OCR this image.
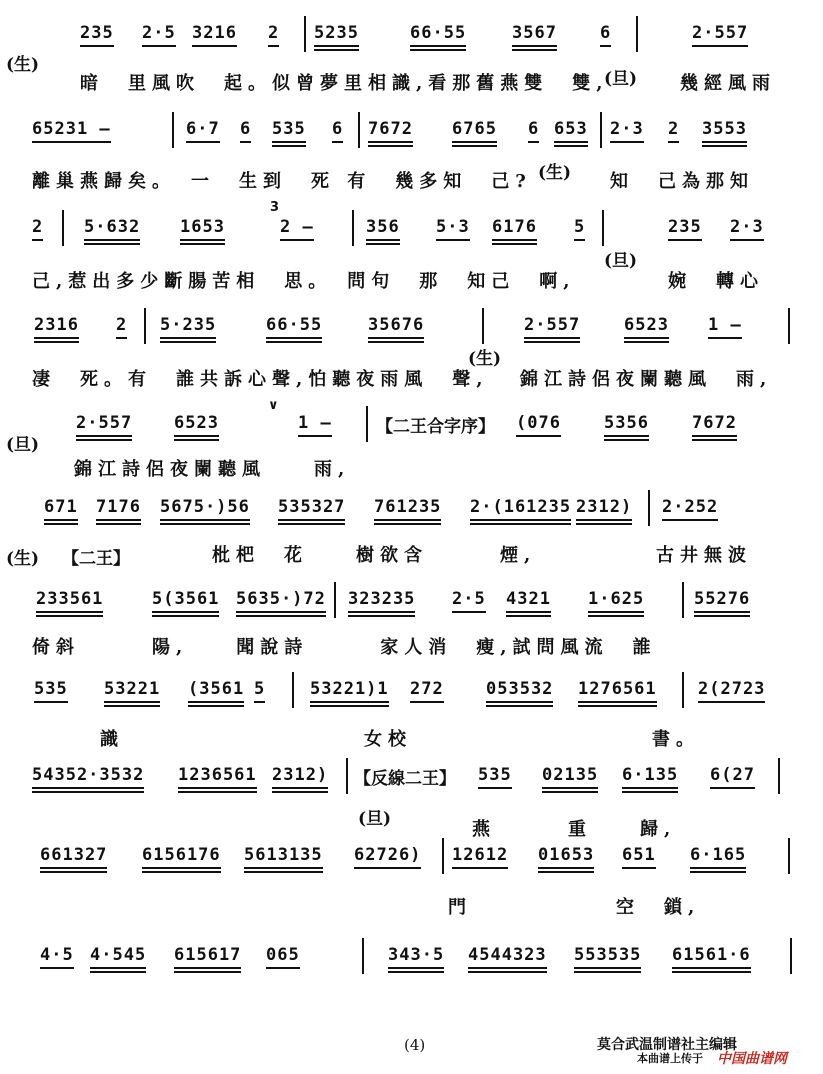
235 2·5 3216 2 5235	66·55	3567	6	2·557
(生)
暗　里風吹　起。似曾夢里相識,看那舊燕雙　雙,
(旦) 幾經風雨
65231 —	6·7 6 535 6 7672 6765 6 653 2·3 2 3553
離巢燕歸矣。　一　生到　死 有　幾多知　己? (生) 知　己為那知
2 5·632 1653
3
2 —	356 5·3 6176 5	235 2·3
己,惹出多少斷腸苦相　思。　問句　那　知己　啊,
(旦)
婉　轉心
2316 2 5·235	66·55	35676	2·557	6523 1 —
凄　死。有　誰共訴心聲,怕聽夜雨風　聲,
(生)
錦江詩侶夜闌聽風　雨,
2·557 6523
∨
1 —	【二王合字序】 (076	5356	7672
(旦)
錦江詩侶夜闌聽風　　雨,
671 7176 5675·)56 535327 761235 2·(161235 2312) 2·252
(生) 【二王】	枇杷　花　　樹欲含　　　煙,	古井無波
233561	5(3561 5635·)72 323235 2·5 4321 1·625	55276
倚斜　　　陽,　　聞說詩　　　家人消　瘦,試問風流　誰
535 53221 (3561 5	53221)1 272 053532 1276561 2(2723
識　　　　　　　　　　女校　　　　　　　　　　書。
54352·3532 1236561 2312) 【反線二王】 535 02135 6·135 6(27
(旦)	燕　　　重　　歸,
661327 6156176 5613135 62726) 12612 01653 651 6·165
門　　　　　　空　鎖,
4·5 4·545 615617 065	343·5 4544323 553535 61561·6
(4)	莫合武温制谱社主编辑
本曲谱上传于 中国曲谱网
